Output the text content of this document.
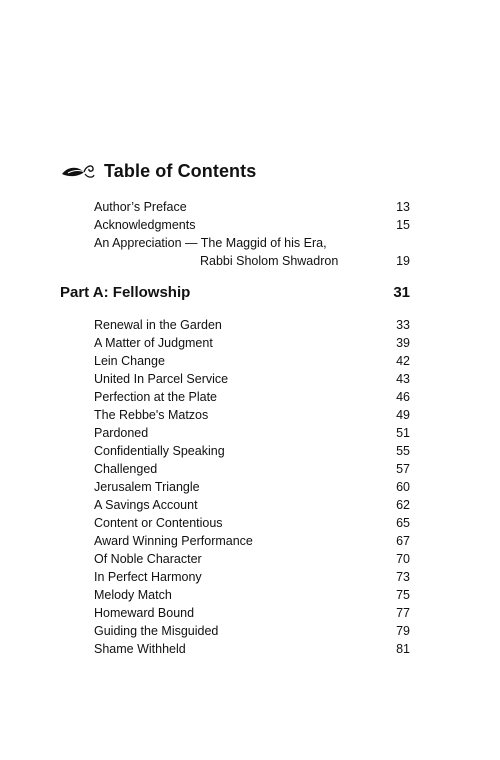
Table of Contents
Author’s Preface	13
Acknowledgments	15
An Appreciation — The Maggid of his Era,
Rabbi Sholom Shwadron	19
Part A: Fellowship	31
Renewal in the Garden	33
A Matter of Judgment	39
Lein Change	42
United In Parcel Service	43
Perfection at the Plate	46
The Rebbe's Matzos	49
Pardoned	51
Confidentially Speaking	55
Challenged	57
Jerusalem Triangle	60
A Savings Account	62
Content or Contentious	65
Award Winning Performance	67
Of Noble Character	70
In Perfect Harmony	73
Melody Match	75
Homeward Bound	77
Guiding the Misguided	79
Shame Withheld	81
